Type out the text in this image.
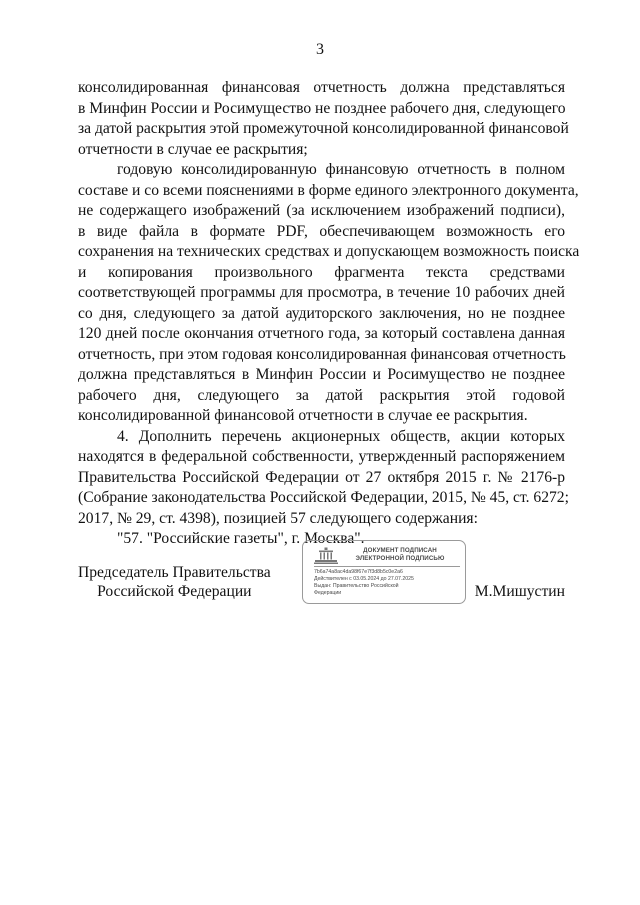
3
консолидированная финансовая отчетность должна представляться
в Минфин России и Росимущество не позднее рабочего дня, следующего
за датой раскрытия этой промежуточной консолидированной финансовой
отчетности в случае ее раскрытия;
годовую консолидированную финансовую отчетность в полном
составе и со всеми пояснениями в форме единого электронного документа,
не содержащего изображений (за исключением изображений подписи),
в виде файла в формате PDF, обеспечивающем возможность его
сохранения на технических средствах и допускающем возможность поиска
и копирования произвольного фрагмента текста средствами
соответствующей программы для просмотра, в течение 10 рабочих дней
со дня, следующего за датой аудиторского заключения, но не позднее
120 дней после окончания отчетного года, за который составлена данная
отчетность, при этом годовая консолидированная финансовая отчетность
должна представляться в Минфин России и Росимущество не позднее
рабочего дня, следующего за датой раскрытия этой годовой
консолидированной финансовой отчетности в случае ее раскрытия.
4. Дополнить перечень акционерных обществ, акции которых
находятся в федеральной собственности, утвержденный распоряжением
Правительства Российской Федерации от 27 октября 2015 г. № 2176-р
(Собрание законодательства Российской Федерации, 2015, № 45, ст. 6272;
2017, № 29, ст. 4398), позицией 57 следующего содержания:
"57. "Российские газеты", г. Москва".
Председатель Правительства
Российской Федерации
ДОКУМЕНТ ПОДПИСАН
ЭЛЕКТРОННОЙ ПОДПИСЬЮ
7b6a74a8ac4da98f67e7f3d8b5c0e2a6
Действителен с 03.05.2024 до 27.07.2025
Выдан: Правительство Российской
Федерации	М.Мишустин
